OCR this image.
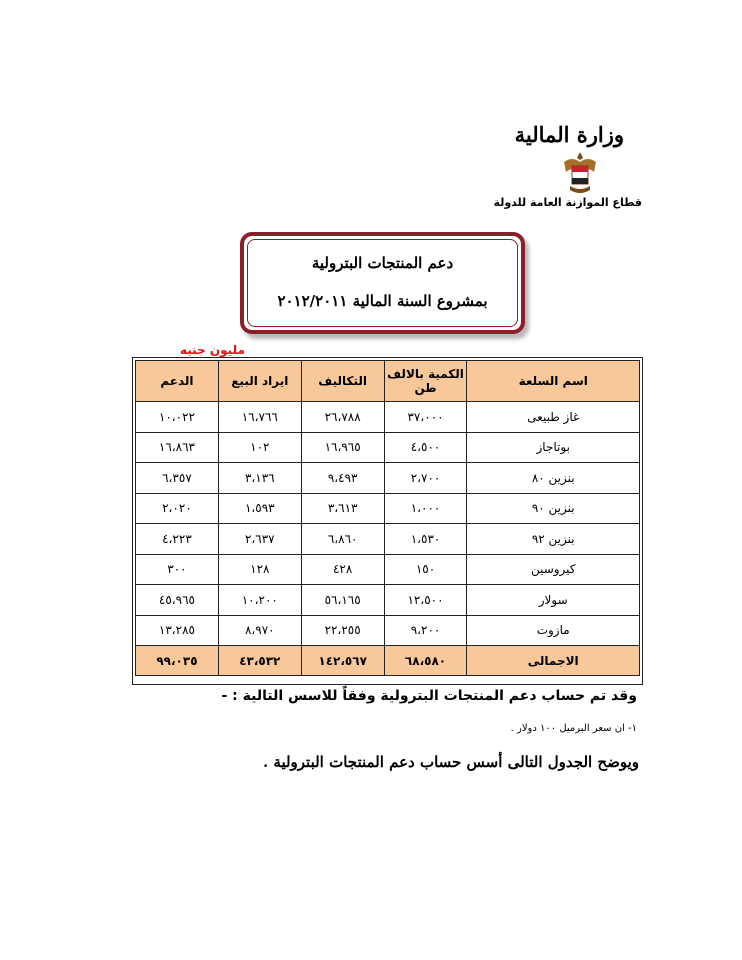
وزارة المالية
قطاع الموازنة العامة للدولة
دعم المنتجات البترولية
بمشروع السنة المالية ٢٠١٢/٢٠١١
مليون جنيه
اسم السلعة	الكمية بالالف طن	التكاليف	ايراد البيع	الدعم
غاز طبيعى	٣٧،٠٠٠	٢٦،٧٨٨	١٦،٧٦٦	١٠،٠٢٢
بوتاجاز	٤،٥٠٠	١٦،٩٦٥	١٠٢	١٦،٨٦٣
بنزين ٨٠	٢،٧٠٠	٩،٤٩٣	٣،١٣٦	٦،٣٥٧
بنزين ٩٠	١،٠٠٠	٣،٦١٣	١،٥٩٣	٢،٠٢٠
بنزين ٩٢	١،٥٣٠	٦،٨٦٠	٢،٦٣٧	٤،٢٢٣
كيروسين	١٥٠	٤٢٨	١٢٨	٣٠٠
سولار	١٢،٥٠٠	٥٦،١٦٥	١٠،٢٠٠	٤٥،٩٦٥
مازوت	٩،٢٠٠	٢٢،٢٥٥	٨،٩٧٠	١٣،٢٨٥
الاجمالى	٦٨،٥٨٠	١٤٢،٥٦٧	٤٣،٥٣٢	٩٩،٠٣٥
وقد تم حساب دعم المنتجات البترولية وفقاً للاسس التالية : -
١- ان سعر البرميل ١٠٠ دولار .
ويوضح الجدول التالى أسس حساب دعم المنتجات البترولية .
